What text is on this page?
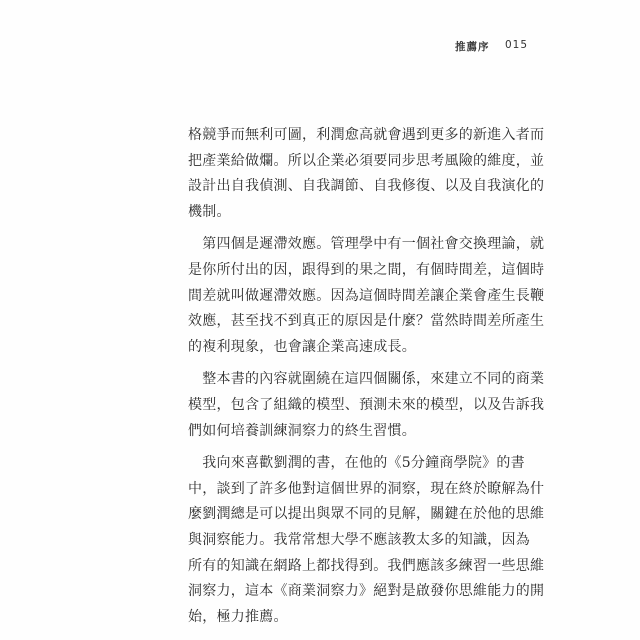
推薦序 015
格競爭而無利可圖，利潤愈高就會遇到更多的新進入者而
把產業給做爛。所以企業必須要同步思考風險的維度，並
設計出自我偵測、自我調節、自我修復、以及自我演化的
機制。
　第四個是遲滯效應。管理學中有一個社會交換理論，就
是你所付出的因，跟得到的果之間，有個時間差，這個時
間差就叫做遲滯效應。因為這個時間差讓企業會產生長鞭
效應，甚至找不到真正的原因是什麼？當然時間差所產生
的複利現象，也會讓企業高速成長。
　整本書的內容就圍繞在這四個關係，來建立不同的商業
模型，包含了組織的模型、預測未來的模型，以及告訴我
們如何培養訓練洞察力的終生習慣。
　我向來喜歡劉潤的書，在他的《5分鐘商學院》的書
中，談到了許多他對這個世界的洞察，現在終於瞭解為什
麼劉潤總是可以提出與眾不同的見解，關鍵在於他的思維
與洞察能力。我常常想大學不應該教太多的知識，因為
所有的知識在網路上都找得到。我們應該多練習一些思維
洞察力，這本《商業洞察力》絕對是啟發你思維能力的開
始，極力推薦。
